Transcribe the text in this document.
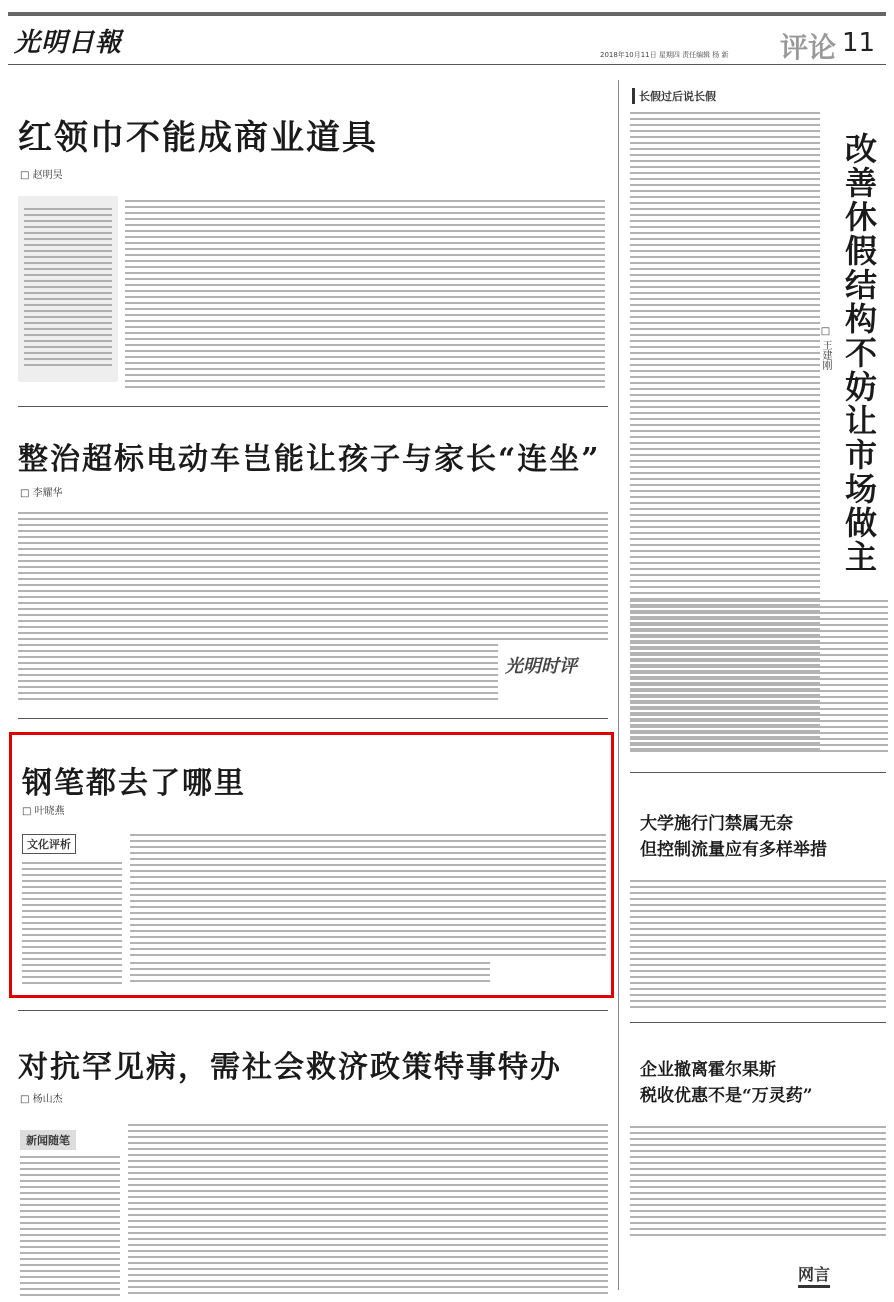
光明日報	2018年10月11日 星期四 责任编辑 杨 新 评论 11
红领巾不能成商业道具
□ 赵明昊
整治超标电动车岂能让孩子与家长“连坐”
□ 李耀华
光明时评
钢笔都去了哪里
□ 叶晓燕
文化评析
对抗罕见病，需社会救济政策特事特办
□ 杨山杰
新闻随笔
长假过后说长假
改善休假结构不妨让市场做主
□ 王建刚
大学施行门禁属无奈
但控制流量应有多样举措
企业撤离霍尔果斯
税收优惠不是“万灵药”
网言
